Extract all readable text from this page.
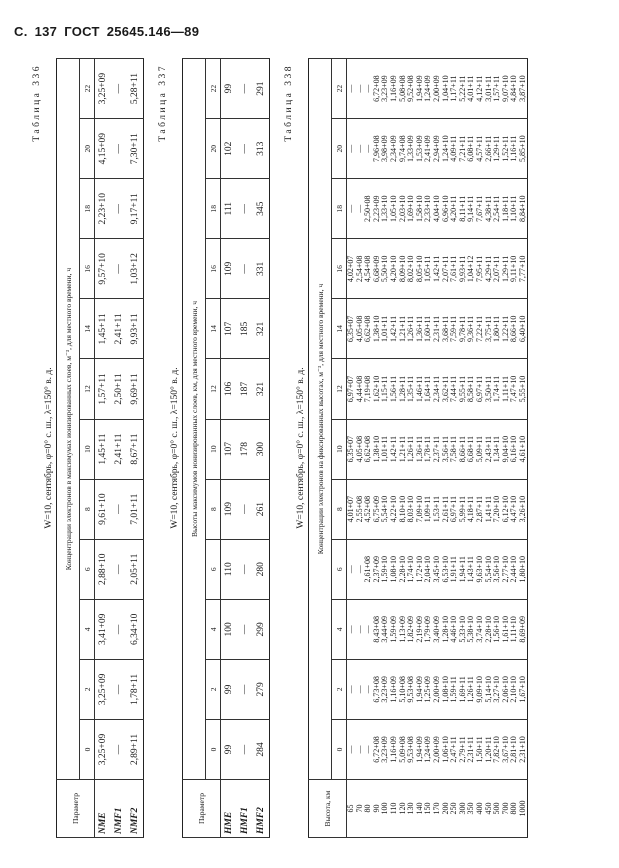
С. 137 ГОСТ 25645.146—89
Таблица 336
W=10, сентябрь, φ=0° с. ш., λ=150° в. д.
Параметр	Концентрации электронов в максимумах ионизированных слоев, м⁻³, для местного времени, ч											
	0	2	4	6	8	10	12	14	16	18	20	22
NME	3,25+09	3,25+09	3,41+09	2,88+10	9,61+10	1,45+11	1,57+11	1,45+11	9,57+10	2,23+10	4,15+09	3,25+09
NMF1	—	—	—	—	—	2,41+11	2,50+11	2,41+11	—	—	—	—
NMF2	2,89+11	1,78+11	6,34+10	2,05+11	7,01+11	8,67+11	9,69+11	9,93+11	1,03+12	9,17+11	7,30+11	5,28+11 Таблица 337
W=10, сентябрь, φ=0° с. ш., λ=150° в. д.
Параметр	Высоты максимумов ионизированных слоев, км, для местного времени, ч											
	0	2	4	6	8	10	12	14	16	18	20	22
HME	99	99	100	110	109	107	106	107	109	111	102	99
HMF1	—	—	—	—	—	178	187	185	—	—	—	—
HMF2	284	279	299	280	261	300	321	321	331	345	313	291 Таблица 338
W=10, сентябрь, φ=0° с. ш., λ=150° в. д.
Высота, км	Концентрации электронов на фиксированных высотах, м⁻³, для местного времени, ч											
	0	2	4	6	8	10	12	14	16	18	20	22
65	—	—	—	—	4,01+07	6,35+07	6,97+07	6,35+07	4,02+07	—	—	—
70	—	—	—	—	2,55+08	4,05+08	4,44+08	4,05+08	2,54+08	—	—	—
80	—	—	—	2,61+08	4,52+08	6,62+08	7,19+08	6,62+08	4,54+08	2,50+08	—	—
90	6,72+08	6,73+08	8,43+08	2,37+09	6,75+09	1,38+10	1,62+10	1,38+10	6,68+09	2,23+09	7,96+08	6,72+08
100	3,23+09	3,23+09	3,44+09	1,59+10	5,54+10	1,01+11	1,15+11	1,01+11	5,50+10	1,33+10	3,98+09	3,23+09
110	1,16+09	1,16+09	1,59+09	1,08+10	4,22+10	1,42+11	1,56+11	1,42+11	4,20+10	1,05+10	2,34+09	1,16+09
120	5,09+08	5,10+08	1,13+09	2,28+10	8,10+10	1,21+11	1,28+11	1,21+11	8,09+10	2,03+10	9,74+08	5,08+08
130	9,53+08	9,53+08	1,82+09	1,74+10	8,03+10	1,26+11	1,35+11	1,26+11	8,02+10	1,69+10	1,33+09	9,52+08
140	1,94+09	1,94+09	2,19+09	1,72+10	7,09+10	1,36+11	1,46+11	1,36+11	8,05+10	1,58+10	1,53+09	1,94+09
150	1,24+09	1,25+09	1,79+09	2,04+10	1,09+11	1,78+11	1,64+11	1,60+11	1,05+11	2,33+10	2,41+09	1,24+09
170	2,00+09	2,00+09	3,40+09	3,45+10	1,53+11	2,37+11	2,34+11	2,31+11	1,42+11	4,04+10	2,94+09	2,00+09
200	1,06+10	1,08+10	1,28+10	6,53+10	2,61+11	3,56+11	3,62+11	3,68+11	2,07+11	6,96+10	1,24+10	1,04+10
250	2,47+11	1,59+11	4,46+10	1,91+11	6,97+11	7,58+11	7,44+11	7,59+11	7,61+11	4,20+11	4,09+11	1,17+11
300	2,79+11	1,69+11	5,33+10	1,94+11	5,99+11	8,66+11	9,55+11	9,78+11	9,93+11	8,11+11	7,21+11	5,22+11
350	2,31+11	1,26+11	5,38+10	1,43+11	4,18+11	6,68+11	8,58+11	9,36+11	1,04+12	9,14+11	6,08+11	4,01+11
400	1,50+11	9,09+10	3,74+10	9,63+10	2,87+11	5,09+11	6,97+11	7,22+11	7,95+11	7,67+11	4,57+11	4,12+11
450	1,20+11	5,14+10	2,28+10	5,54+10	1,41+11	2,43+11	3,50+11	3,75+11	4,29+11	4,38+11	2,66+11	3,01+11
500	7,82+10	3,27+10	1,56+10	3,56+10	7,20+10	1,34+11	1,74+11	1,80+11	2,07+11	2,54+11	1,29+11	1,57+11
700	3,67+10	2,06+10	1,61+10	2,77+10	6,12+10	9,04+10	1,11+11	1,22+11	1,29+11	1,18+11	1,52+11	9,07+10
800	2,81+10	2,10+10	1,11+10	2,44+10	4,47+10	6,16+10	7,47+10	8,66+10	9,11+10	1,10+11	1,16+11	4,84+10
1000	2,31+10	1,67+10	8,69+09	1,80+10	3,26+10	4,61+10	5,55+10	6,40+10	7,77+10	8,84+10	5,85+10	3,87+10
